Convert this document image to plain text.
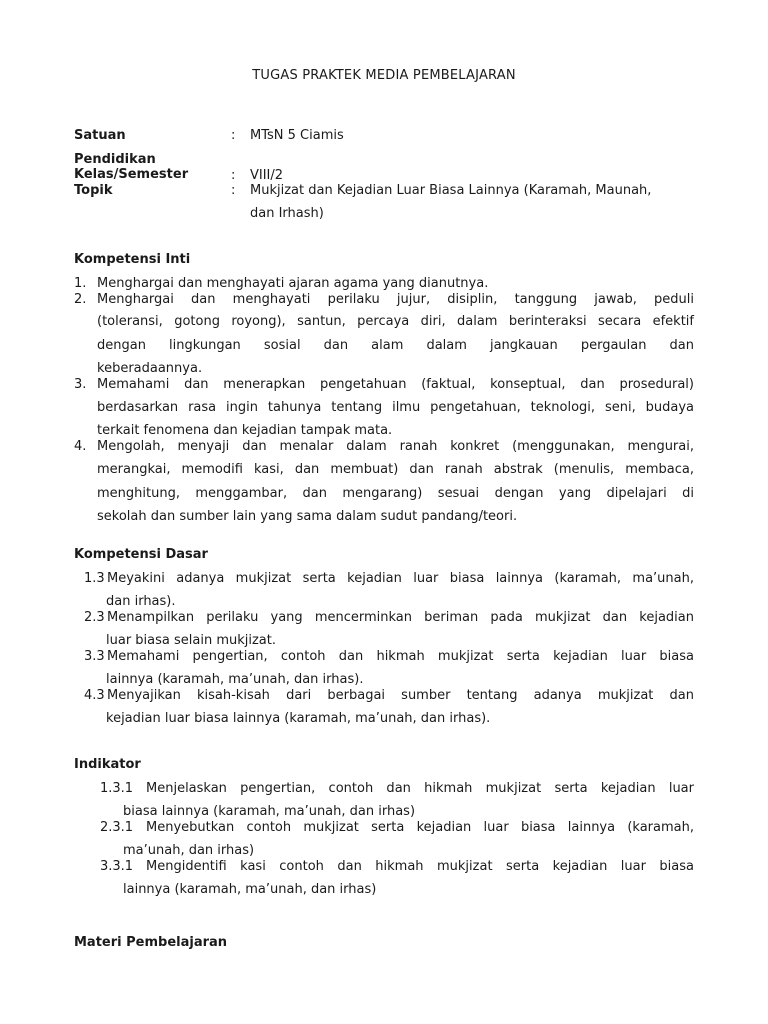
TUGAS PRAKTEK MEDIA PEMBELAJARAN
Satuan	: MTsN 5 Ciamis
Pendidikan
Kelas/Semester	: VIII/2
Topik	: Mukjizat dan Kejadian Luar Biasa Lainnya (Karamah, Maunah,
dan Irhash)
Kompetensi Inti
1. Menghargai dan menghayati ajaran agama yang dianutnya.
2. Menghargai dan menghayati perilaku jujur, disiplin, tanggung jawab, peduli
(toleransi, gotong royong), santun, percaya diri, dalam berinteraksi secara efektif
dengan lingkungan sosial dan alam dalam jangkauan pergaulan dan
keberadaannya.
3. Memahami dan menerapkan pengetahuan (faktual, konseptual, dan prosedural)
berdasarkan rasa ingin tahunya tentang ilmu pengetahuan, teknologi, seni, budaya
terkait fenomena dan kejadian tampak mata.
4. Mengolah, menyaji dan menalar dalam ranah konkret (menggunakan, mengurai,
merangkai, memodifi kasi, dan membuat) dan ranah abstrak (menulis, membaca,
menghitung, menggambar, dan mengarang) sesuai dengan yang dipelajari di
sekolah dan sumber lain yang sama dalam sudut pandang/teori.
Kompetensi Dasar
1.3 Meyakini adanya mukjizat serta kejadian luar biasa lainnya (karamah, ma’unah,
dan irhas).
2.3 Menampilkan perilaku yang mencerminkan beriman pada mukjizat dan kejadian
luar biasa selain mukjizat.
3.3 Memahami pengertian, contoh dan hikmah mukjizat serta kejadian luar biasa
lainnya (karamah, ma’unah, dan irhas).
4.3 Menyajikan kisah-kisah dari berbagai sumber tentang adanya mukjizat dan
kejadian luar biasa lainnya (karamah, ma’unah, dan irhas).
Indikator
1.3.1 Menjelaskan pengertian, contoh dan hikmah mukjizat serta kejadian luar
biasa lainnya (karamah, ma’unah, dan irhas)
2.3.1 Menyebutkan contoh mukjizat serta kejadian luar biasa lainnya (karamah,
ma’unah, dan irhas)
3.3.1 Mengidentifi kasi contoh dan hikmah mukjizat serta kejadian luar biasa
lainnya (karamah, ma’unah, dan irhas)
Materi Pembelajaran
